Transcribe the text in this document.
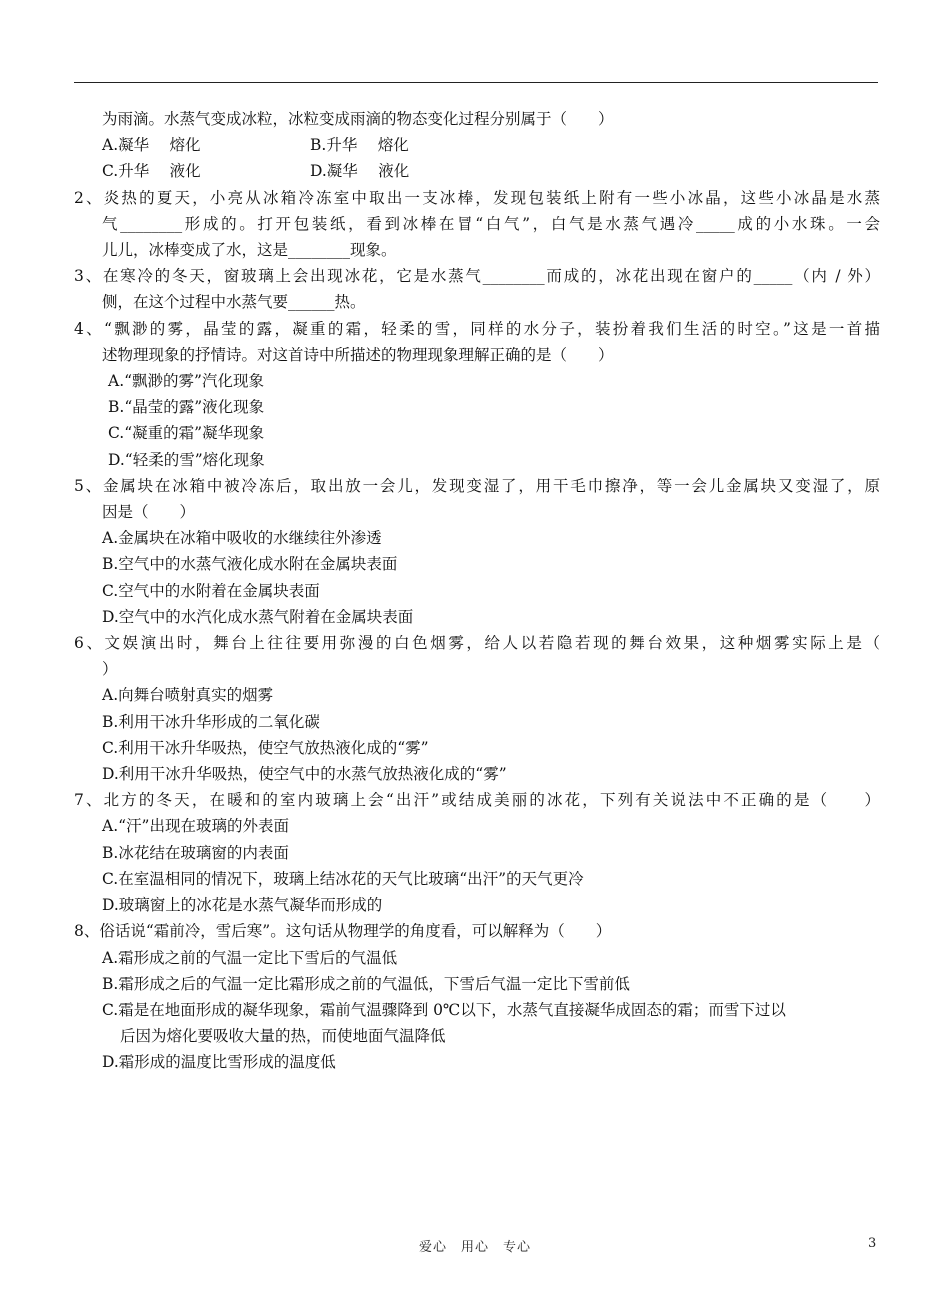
为雨滴。水蒸气变成冰粒，冰粒变成雨滴的物态变化过程分别属于（　　）
A.凝华　 熔化	B.升华　 熔化
C.升华　 液化	D.凝华　 液化
2、炎热的夏天，小亮从冰箱冷冻室中取出一支冰棒，发现包装纸上附有一些小冰晶，这些小冰晶是水蒸
气________形成的。打开包装纸，看到冰棒在冒“白气”，白气是水蒸气遇冷_____成的小水珠。一会
儿儿，冰棒变成了水，这是________现象。
3、在寒冷的冬天，窗玻璃上会出现冰花，它是水蒸气________而成的，冰花出现在窗户的_____（内 / 外）
侧，在这个过程中水蒸气要______热。
4、“飘渺的雾，晶莹的露，凝重的霜，轻柔的雪，同样的水分子，装扮着我们生活的时空。”这是一首描
述物理现象的抒情诗。对这首诗中所描述的物理现象理解正确的是（　　）
A.“飘渺的雾”汽化现象
B.“晶莹的露”液化现象
C.“凝重的霜”凝华现象
D.“轻柔的雪”熔化现象
5、金属块在冰箱中被冷冻后，取出放一会儿，发现变湿了，用干毛巾擦净，等一会儿金属块又变湿了，原
因是（　　）
A.金属块在冰箱中吸收的水继续往外渗透
B.空气中的水蒸气液化成水附在金属块表面
C.空气中的水附着在金属块表面
D.空气中的水汽化成水蒸气附着在金属块表面
6、文娱演出时，舞台上往往要用弥漫的白色烟雾，给人以若隐若现的舞台效果，这种烟雾实际上是（
）
A.向舞台喷射真实的烟雾
B.利用干冰升华形成的二氧化碳
C.利用干冰升华吸热，使空气放热液化成的“雾”
D.利用干冰升华吸热，使空气中的水蒸气放热液化成的“雾”
7、北方的冬天，在暖和的室内玻璃上会“出汗”或结成美丽的冰花，下列有关说法中不正确的是（　　）
A.“汗”出现在玻璃的外表面
B.冰花结在玻璃窗的内表面
C.在室温相同的情况下，玻璃上结冰花的天气比玻璃“出汗”的天气更冷
D.玻璃窗上的冰花是水蒸气凝华而形成的
8、俗话说“霜前冷，雪后寒”。这句话从物理学的角度看，可以解释为（　　）
A.霜形成之前的气温一定比下雪后的气温低
B.霜形成之后的气温一定比霜形成之前的气温低，下雪后气温一定比下雪前低
C.霜是在地面形成的凝华现象，霜前气温骤降到 0℃以下，水蒸气直接凝华成固态的霜；而雪下过以
后因为熔化要吸收大量的热，而使地面气温降低
D.霜形成的温度比雪形成的温度低
爱心　用心　专心	3
